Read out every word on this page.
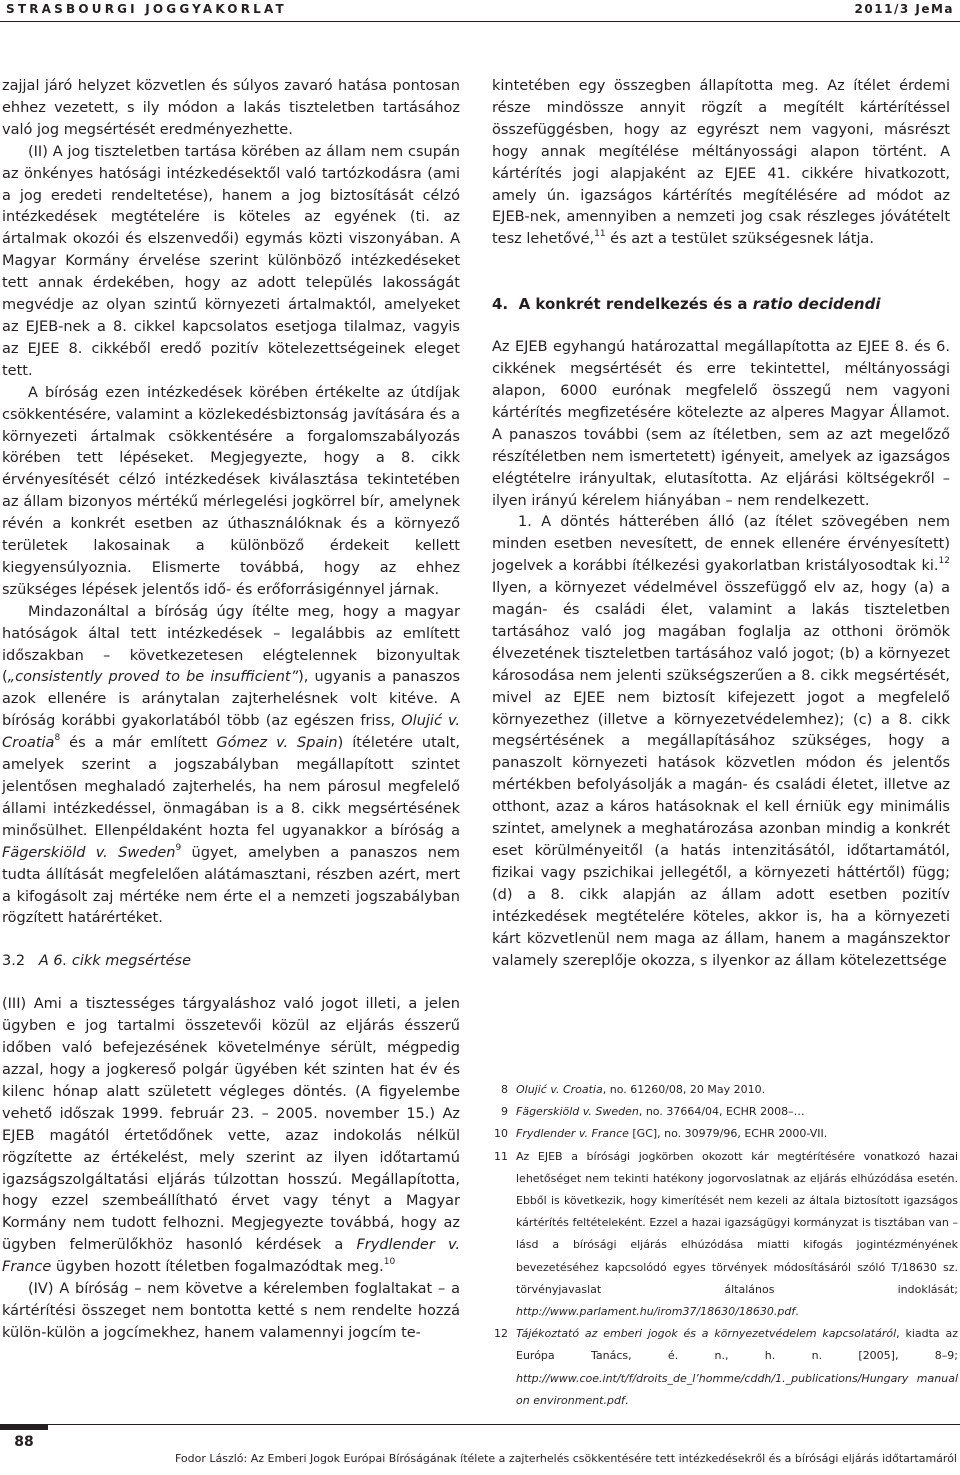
STRASBOURGI JOGGYAKORLAT	2011/3 JeMa

zajjal járó helyzet közvetlen és súlyos zavaró hatása pontosan ehhez vezetett, s ily módon a lakás tiszteletben tartásához való jog megsértését eredményezhette.

(II) A jog tiszteletben tartása körében az állam nem csupán az önkényes hatósági intézkedésektől való tartózkodásra (ami a jog eredeti rendeltetése), hanem a jog biztosítását célzó intézkedések megtételére is köteles az egyének (ti. az ártalmak okozói és elszenvedői) egymás közti viszonyában. A Magyar Kormány érvelése szerint különböző intézkedéseket tett annak érdekében, hogy az adott település lakosságát megvédje az olyan szintű környezeti ártalmaktól, amelyeket az EJEB-nek a 8. cikkel kapcsolatos esetjoga tilalmaz, vagyis az EJEE 8. cikkéből eredő pozitív kötelezettségeinek eleget tett.

A bíróság ezen intézkedések körében értékelte az útdíjak csökkentésére, valamint a közlekedésbiztonság javítására és a környezeti ártalmak csökkentésére a forgalomszabályozás körében tett lépéseket. Megjegyezte, hogy a 8. cikk érvényesítését célzó intézkedések kiválasztása tekintetében az állam bizonyos mértékű mérlegelési jogkörrel bír, amelynek révén a konkrét esetben az úthasználóknak és a környező területek lakosainak a különböző érdekeit kellett kiegyensúlyoznia. Elismerte továbbá, hogy az ehhez szükséges lépések jelentős idő- és erőforrásigénnyel járnak.

Mindazonáltal a bíróság úgy ítélte meg, hogy a magyar hatóságok által tett intézkedések – legalábbis az említett időszakban – következetesen elégtelennek bizonyultak („consistently proved to be insufficient”), ugyanis a panaszos azok ellenére is aránytalan zajterhelésnek volt kitéve. A bíróság korábbi gyakorlatából több (az egészen friss, Olujić v. Croatia$^8$ és a már említett Gómez v. Spain) ítéletére utalt, amelyek szerint a jogszabályban megállapított szintet jelentősen meghaladó zajterhelés, ha nem párosul megfelelő állami intézkedéssel, önmagában is a 8. cikk megsértésének minősülhet. Ellenpéldaként hozta fel ugyanakkor a bíróság a Fägerskiöld v. Sweden$^9$ ügyet, amelyben a panaszos nem tudta állítását megfelelően alátámasztani, részben azért, mert a kifogásolt zaj mértéke nem érte el a nemzeti jogszabályban rögzített határértéket.

3.2 A 6. cikk megsértése

(III) Ami a tisztességes tárgyaláshoz való jogot illeti, a jelen ügyben e jog tartalmi összetevői közül az eljárás ésszerű időben való befejezésének követelménye sérült, mégpedig azzal, hogy a jogkereső polgár ügyében két szinten hat év és kilenc hónap alatt született végleges döntés. (A figyelembe vehető időszak 1999. február 23. – 2005. november 15.) Az EJEB magától értetődőnek vette, azaz indokolás nélkül rögzítette az értékelést, mely szerint az ilyen időtartamú igazságszolgáltatási eljárás túlzottan hosszú. Megállapította, hogy ezzel szembeállítható érvet vagy tényt a Magyar Kormány nem tudott felhozni. Megjegyezte továbbá, hogy az ügyben felmerülőkhöz hasonló kérdések a Frydlender v. France ügyben hozott ítéletben fogalmazódtak meg.$^{10}$

(IV) A bíróság – nem követve a kérelemben foglaltakat – a kártérítési összeget nem bontotta ketté s nem rendelte hozzá külön-külön a jogcímekhez, hanem valamennyi jogcím te-

kintetében egy összegben állapította meg. Az ítélet érdemi része mindössze annyit rögzít a megítélt kártérítéssel összefüggésben, hogy az egyrészt nem vagyoni, másrészt hogy annak megítélése méltányossági alapon történt. A kártérítés jogi alapjaként az EJEE 41. cikkére hivatkozott, amely ún. igazságos kártérítés megítélésére ad módot az EJEB-nek, amennyiben a nemzeti jog csak részleges jóvátételt tesz lehetővé,$^{11}$ és azt a testület szükségesnek látja.

4. A konkrét rendelkezés és a ratio decidendi

Az EJEB egyhangú határozattal megállapította az EJEE 8. és 6. cikkének megsértését és erre tekintettel, méltányossági alapon, 6000 eurónak megfelelő összegű nem vagyoni kártérítés megfizetésére kötelezte az alperes Magyar Államot. A panaszos további (sem az ítéletben, sem az azt megelőző részítéletben nem ismertetett) igényeit, amelyek az igazságos elégtételre irányultak, elutasította. Az eljárási költségekről – ilyen irányú kérelem hiányában – nem rendelkezett.

1. A döntés hátterében álló (az ítélet szövegében nem minden esetben nevesített, de ennek ellenére érvényesített) jogelvek a korábbi ítélkezési gyakorlatban kristályosodtak ki.$^{12}$ Ilyen, a környezet védelmével összefüggő elv az, hogy (a) a magán- és családi élet, valamint a lakás tiszteletben tartásához való jog magában foglalja az otthoni örömök élvezetének tiszteletben tartásához való jogot; (b) a környezet károsodása nem jelenti szükségszerűen a 8. cikk megsértését, mivel az EJEE nem biztosít kifejezett jogot a megfelelő környezethez (illetve a környezetvédelemhez); (c) a 8. cikk megsértésének a megállapításához szükséges, hogy a panaszolt környezeti hatások közvetlen módon és jelentős mértékben befolyásolják a magán- és családi életet, illetve az otthont, azaz a káros hatásoknak el kell érniük egy minimális szintet, amelynek a meghatározása azonban mindig a konkrét eset körülményeitől (a hatás intenzitásától, időtartamától, fizikai vagy pszichikai jellegétől, a környezeti háttértől) függ; (d) a 8. cikk alapján az állam adott esetben pozitív intézkedések megtételére köteles, akkor is, ha a környezeti kárt közvetlenül nem maga az állam, hanem a magánszektor valamely szereplője okozza, s ilyenkor az állam kötelezettsége

8 Olujić v. Croatia, no. 61260/08, 20 May 2010.
9 Fägerskiöld v. Sweden, no. 37664/04, ECHR 2008–…
10 Frydlender v. France [GC], no. 30979/96, ECHR 2000-VII.
11 Az EJEB a bírósági jogkörben okozott kár megtérítésére vonatkozó hazai lehetőséget nem tekinti hatékony jogorvoslatnak az eljárás elhúzódása esetén. Ebből is következik, hogy kimerítését nem kezeli az általa biztosított igazságos kártérítés feltételeként. Ezzel a hazai igazságügyi kormányzat is tisztában van – lásd a bírósági eljárás elhúzódása miatti kifogás jogintézményének bevezetéséhez kapcsolódó egyes törvények módosításáról szóló T/18630 sz. törvényjavaslat általános indoklását; http://www.parlament.hu/irom37/18630/18630.pdf.
12 Tájékoztató az emberi jogok és a környezetvédelem kapcsolatáról, kiadta az Európa Tanács, é. n., h. n. [2005], 8–9; http://www.coe.int/t/f/droits_de_l’homme/cddh/1._publications/Hungary manual on environment.pdf.
88
Fodor László: Az Emberi Jogok Európai Bíróságának ítélete a zajterhelés csökkentésére tett intézkedésekről és a bírósági eljárás időtartamáról
